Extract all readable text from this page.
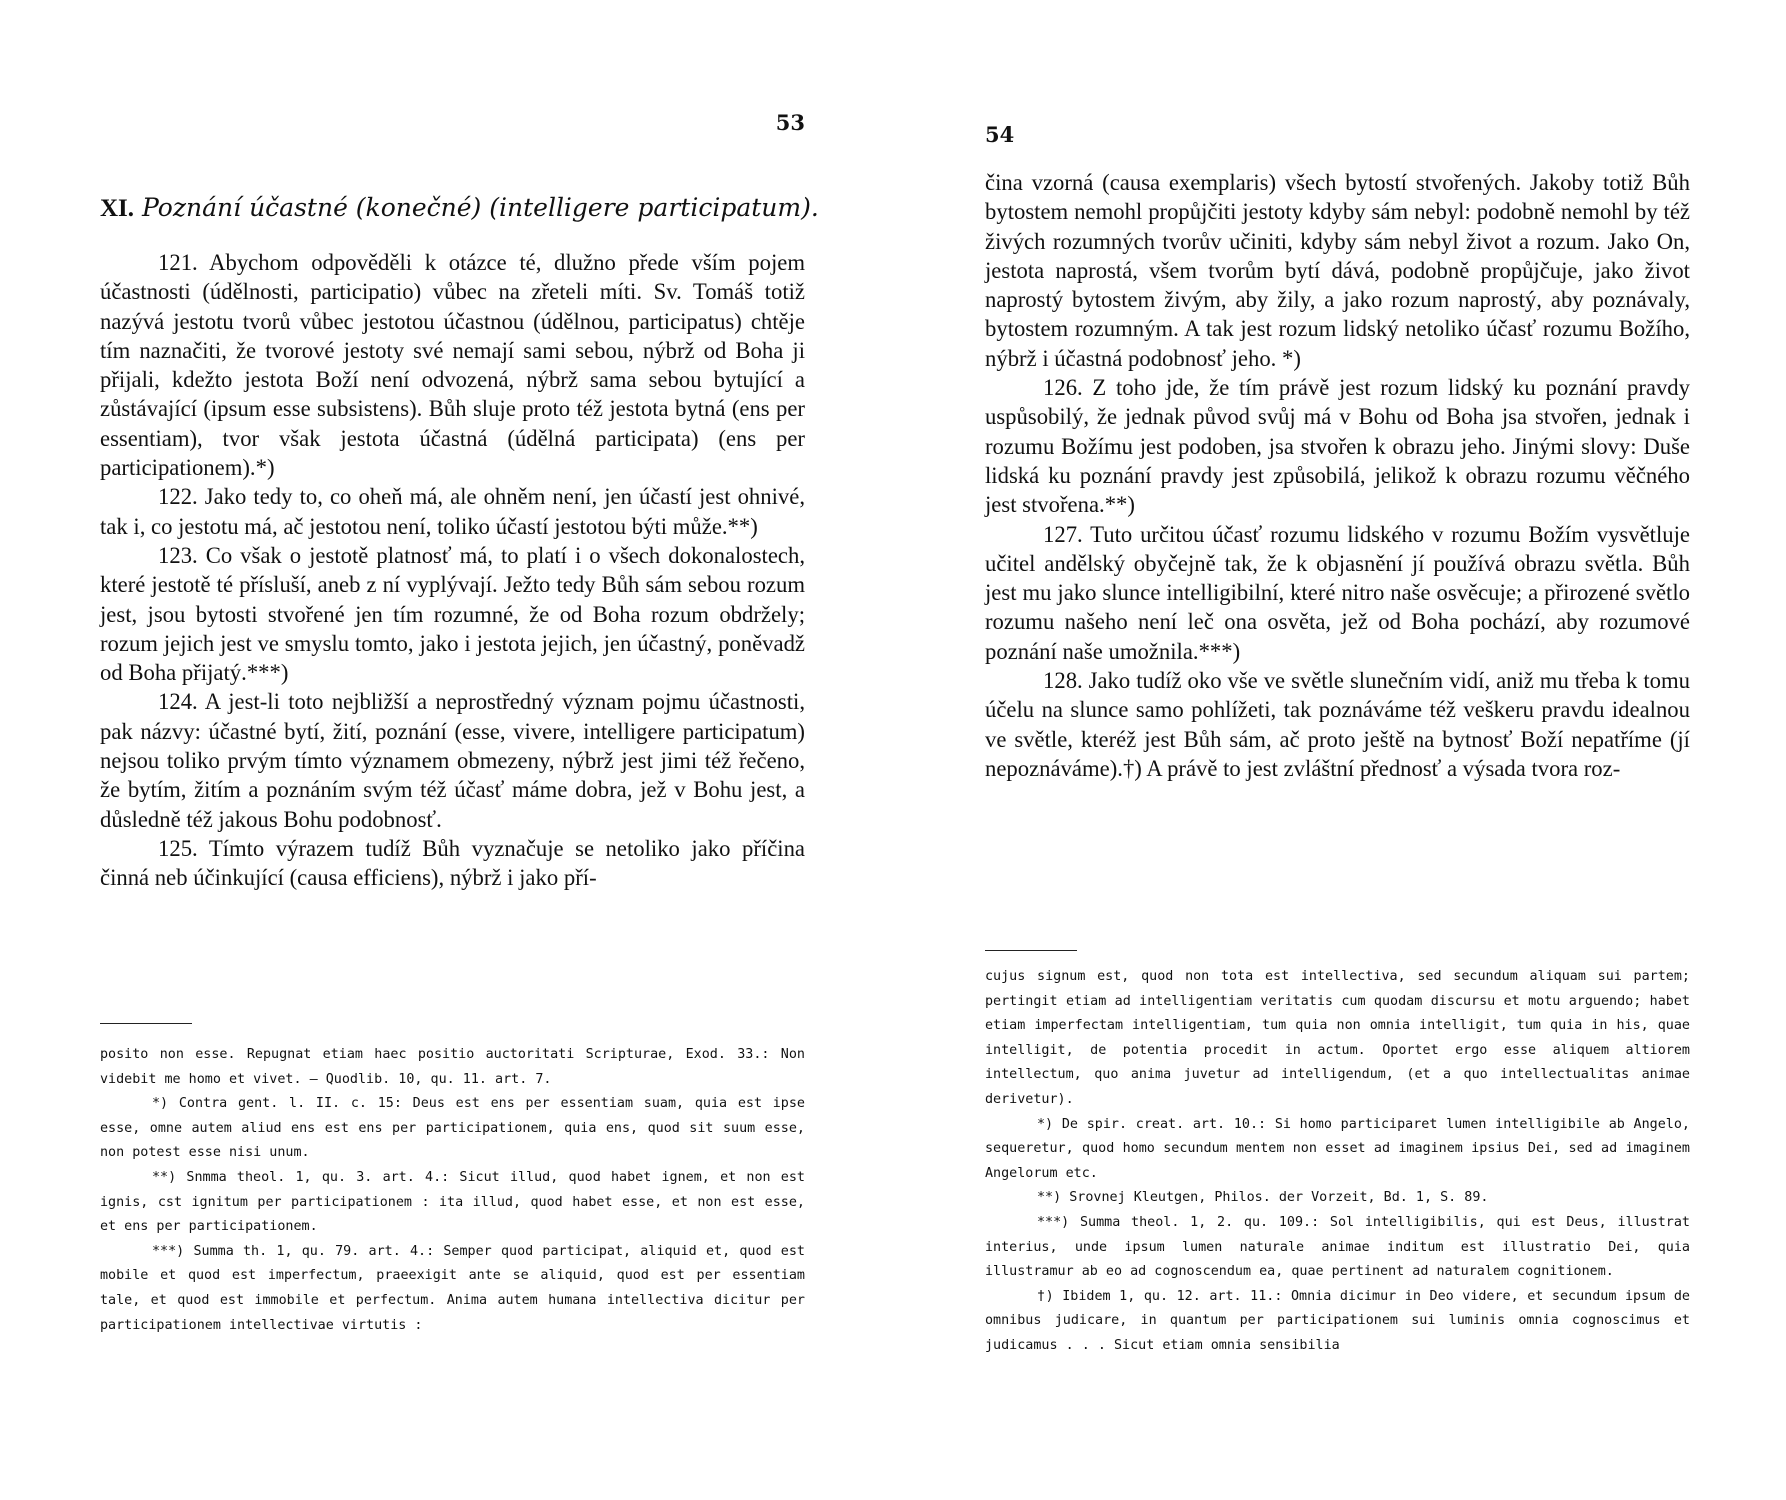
53
XI. Poznání účastné (konečné) (intelligere participatum).

121. Abychom odpověděli k otázce té, dlužno přede vším pojem účastnosti (údělnosti, participatio) vůbec na zřeteli míti. Sv. Tomáš totiž nazývá jestotu tvorů vůbec jestotou účastnou (údělnou, participatus) chtěje tím naznačiti, že tvorové jestoty své nemají sami sebou, nýbrž od Boha ji přijali, kdežto jestota Boží není odvozená, nýbrž sama sebou bytující a zůstávající (ipsum esse subsistens). Bůh sluje proto též jestota bytná (ens per essentiam), tvor však jestota účastná (údělná participata) (ens per participationem).*)

122. Jako tedy to, co oheň má, ale ohněm není, jen účastí jest ohnivé, tak i, co jestotu má, ač jestotou není, toliko účastí jestotou býti může.**)

123. Co však o jestotě platnosť má, to platí i o všech dokonalostech, které jestotě té přísluší, aneb z ní vyplývají. Ježto tedy Bůh sám sebou rozum jest, jsou bytosti stvořené jen tím rozumné, že od Boha rozum obdržely; rozum jejich jest ve smyslu tomto, jako i jestota jejich, jen účastný, poněvadž od Boha přijatý.***)

124. A jest-li toto nejbližší a neprostředný význam pojmu účastnosti, pak názvy: účastné bytí, žití, poznání (esse, vivere, intelligere participatum) nejsou toliko prvým tímto významem obmezeny, nýbrž jest jimi též řečeno, že bytím, žitím a poznáním svým též účasť máme dobra, jež v Bohu jest, a důsledně též jakous Bohu podobnosť.

125. Tímto výrazem tudíž Bůh vyznačuje se netoliko jako příčina činná neb účinkující (causa efficiens), nýbrž i jako pří-

posito non esse. Repugnat etiam haec positio auctoritati Scripturae, Exod. 33.: Non videbit me homo et vivet. — Quodlib. 10, qu. 11. art. 7.

*) Contra gent. l. II. c. 15: Deus est ens per essentiam suam, quia est ipse esse, omne autem aliud ens est ens per participationem, quia ens, quod sit suum esse, non potest esse nisi unum.

**) Snmma theol. 1, qu. 3. art. 4.: Sicut illud, quod habet ignem, et non est ignis, cst ignitum per participationem : ita illud, quod habet esse, et non est esse, et ens per participationem.

***) Summa th. 1, qu. 79. art. 4.: Semper quod participat, aliquid et, quod est mobile et quod est imperfectum, praeexigit ante se aliquid, quod est per essentiam tale, et quod est immobile et perfectum. Anima autem humana intellectiva dicitur per participationem intellectivae virtutis :

54

čina vzorná (causa exemplaris) všech bytostí stvořených. Jakoby totiž Bůh bytostem nemohl propůjčiti jestoty kdyby sám nebyl: podobně nemohl by též živých rozumných tvorův učiniti, kdyby sám nebyl život a rozum. Jako On, jestota naprostá, všem tvorům bytí dává, podobně propůjčuje, jako život naprostý bytostem živým, aby žily, a jako rozum naprostý, aby poznávaly, bytostem rozumným. A tak jest rozum lidský netoliko účasť rozumu Božího, nýbrž i účastná podobnosť jeho. *)

126. Z toho jde, že tím právě jest rozum lidský ku poznání pravdy uspůsobilý, že jednak původ svůj má v Bohu od Boha jsa stvořen, jednak i rozumu Božímu jest podoben, jsa stvořen k obrazu jeho. Jinými slovy: Duše lidská ku poznání pravdy jest způsobilá, jelikož k obrazu rozumu věčného jest stvořena.**)

127. Tuto určitou účasť rozumu lidského v rozumu Božím vysvětluje učitel andělský obyčejně tak, že k objasnění jí používá obrazu světla. Bůh jest mu jako slunce intelligibilní, které nitro naše osvěcuje; a přirozené světlo rozumu našeho není leč ona osvěta, jež od Boha pochází, aby rozumové poznání naše umožnila.***)

128. Jako tudíž oko vše ve světle slunečním vidí, aniž mu třeba k tomu účelu na slunce samo pohlížeti, tak poznáváme též veškeru pravdu idealnou ve světle, kteréž jest Bůh sám, ač proto ještě na bytnosť Boží nepatříme (jí nepoznáváme).†) A právě to jest zvláštní přednosť a výsada tvora roz-

cujus signum est, quod non tota est intellectiva, sed secundum aliquam sui partem; pertingit etiam ad intelligentiam veritatis cum quodam discursu et motu arguendo; habet etiam imperfectam intelligentiam, tum quia non omnia intelligit, tum quia in his, quae intelligit, de potentia procedit in actum. Oportet ergo esse aliquem altiorem intellectum, quo anima juvetur ad intelligendum, (et a quo intellectualitas animae derivetur).

*) De spir. creat. art. 10.: Si homo participaret lumen intelligibile ab Angelo, sequeretur, quod homo secundum mentem non esset ad imaginem ipsius Dei, sed ad imaginem Angelorum etc.

**) Srovnej Kleutgen, Philos. der Vorzeit, Bd. 1, S. 89.

***) Summa theol. 1, 2. qu. 109.: Sol intelligibilis, qui est Deus, illustrat interius, unde ipsum lumen naturale animae inditum est illustratio Dei, quia illustramur ab eo ad cognoscendum ea, quae pertinent ad naturalem cognitionem.

†) Ibidem 1, qu. 12. art. 11.: Omnia dicimur in Deo videre, et secundum ipsum de omnibus judicare, in quantum per participationem sui luminis omnia cognoscimus et judicamus . . . Sicut etiam omnia sensibilia
